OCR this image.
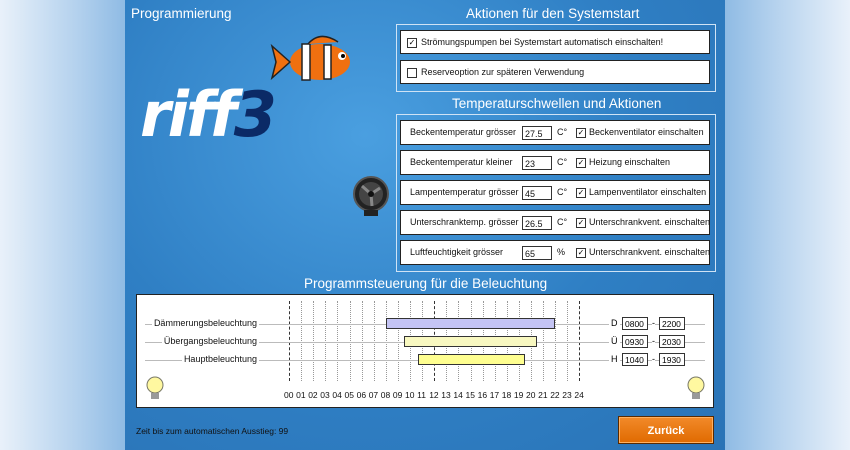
Programmierung
riff3
Aktionen für den Systemstart
✓ Strömungspumpen bei Systemstart automatisch einschalten!
Reserveoption zur späteren Verwendung
Temperaturschwellen und Aktionen
Beckentemperatur grösser 27.5	C° ✓ Beckenventilator einschalten
Beckentemperatur kleiner	23	C° ✓ Heizung einschalten
Lampentemperatur grösser 45	C° ✓ Lampenventilator einschalten
Unterschranktemp. grösser 26.5	C° ✓ Unterschrankvent. einschalten
Luftfeuchtigkeit grösser	65	% ✓ Unterschrankvent. einschalten
Programmsteuerung für die Beleuchtung
Dämmerungsbeleuchtung	D 0800 - 2200
Übergangsbeleuchtung	Ü 0930 - 2030
Hauptbeleuchtung	H 1040 - 1930
00 01 02 03 04 05 06 07 08 09 10 11 12 13 14 15 16 17 18 19 20 21 22 23 24
Zeit bis zum automatischen Ausstieg: 99	Zurück
